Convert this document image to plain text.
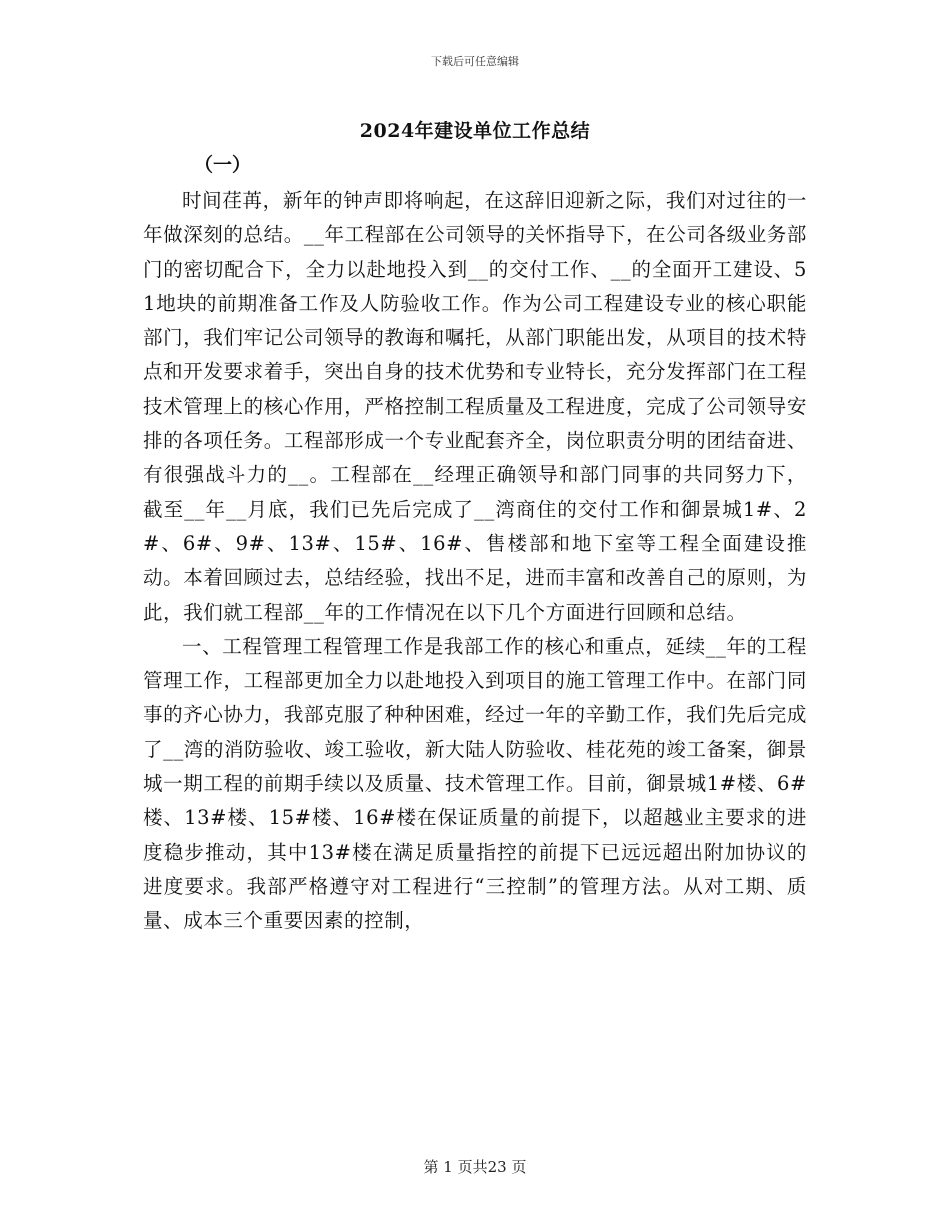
下载后可任意编辑
2024年建设单位工作总结
（一）

时间荏苒，新年的钟声即将响起，在这辞旧迎新之际，我们对过往的一年做深刻的总结。__年工程部在公司领导的关怀指导下，在公司各级业务部门的密切配合下，全力以赴地投入到__的交付工作、__的全面开工建设、51地块的前期准备工作及人防验收工作。作为公司工程建设专业的核心职能部门，我们牢记公司领导的教诲和嘱托，从部门职能出发，从项目的技术特点和开发要求着手，突出自身的技术优势和专业特长，充分发挥部门在工程技术管理上的核心作用，严格控制工程质量及工程进度，完成了公司领导安排的各项任务。工程部形成一个专业配套齐全，岗位职责分明的团结奋进、有很强战斗力的__。工程部在__经理正确领导和部门同事的共同努力下，截至__年__月底，我们已先后完成了__湾商住的交付工作和御景城1#、2#、6#、9#、13#、15#、16#、售楼部和地下室等工程全面建设推动。本着回顾过去，总结经验，找出不足，进而丰富和改善自己的原则，为此，我们就工程部__年的工作情况在以下几个方面进行回顾和总结。

一、工程管理工程管理工作是我部工作的核心和重点，延续__年的工程管理工作，工程部更加全力以赴地投入到项目的施工管理工作中。在部门同事的齐心协力，我部克服了种种困难，经过一年的辛勤工作，我们先后完成了__湾的消防验收、竣工验收，新大陆人防验收、桂花苑的竣工备案，御景城一期工程的前期手续以及质量、技术管理工作。目前，御景城1#楼、6#楼、13#楼、15#楼、16#楼在保证质量的前提下，以超越业主要求的进度稳步推动，其中13#楼在满足质量指控的前提下已远远超出附加协议的进度要求。我部严格遵守对工程进行“三控制”的管理方法。从对工期、质量、成本三个重要因素的控制，

第 1 页共23 页
